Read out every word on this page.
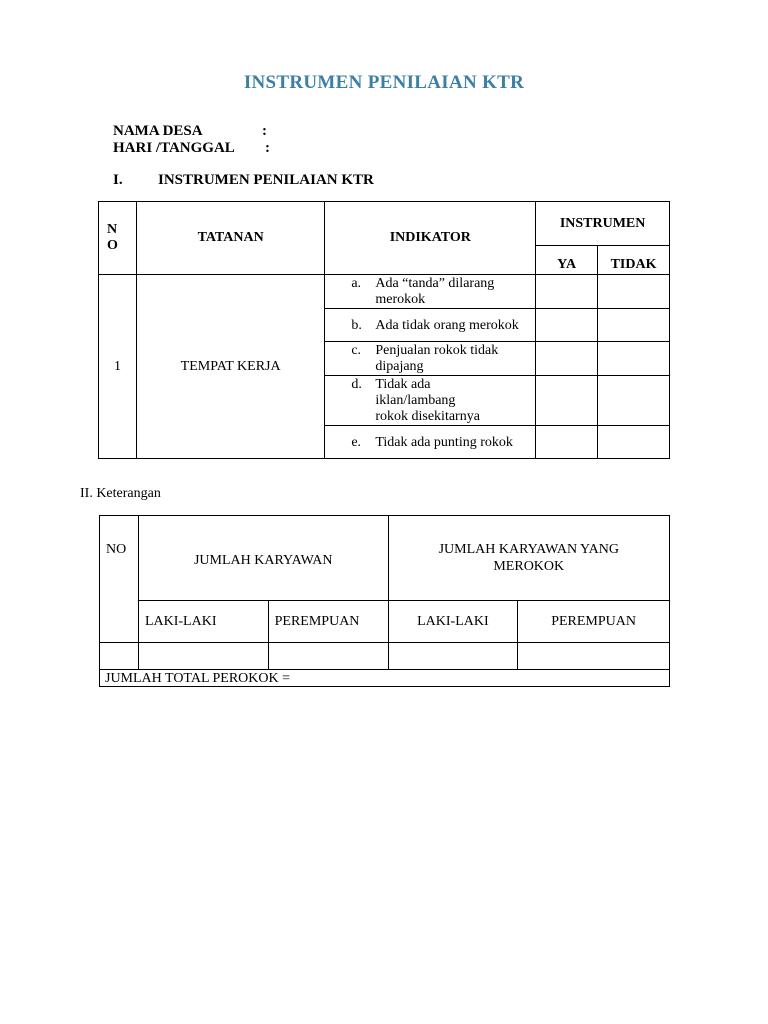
INSTRUMEN PENILAIAN KTR
NAMA DESA	:
HARI /TANGGAL :
I. INSTRUMEN PENILAIAN KTR
N
O	TATANAN	INDIKATOR	INSTRUMEN	
			YA	TIDAK
1	TEMPAT KERJA	a. Ada “tanda” dilarang merokok		

		b. Ada tidak orang merokok		

		c. Penjualan rokok tidak dipajang		

		d. Tidak ada iklan/lambang rokok disekitarnya		

		e. Tidak ada punting rokok		

II. Keterangan
NO	JUMLAH KARYAWAN		JUMLAH KARYAWAN YANG MEROKOK	
	LAKI-LAKI	PEREMPUAN	LAKI-LAKI	PEREMPUAN

JUMLAH TOTAL PEROKOK =				
